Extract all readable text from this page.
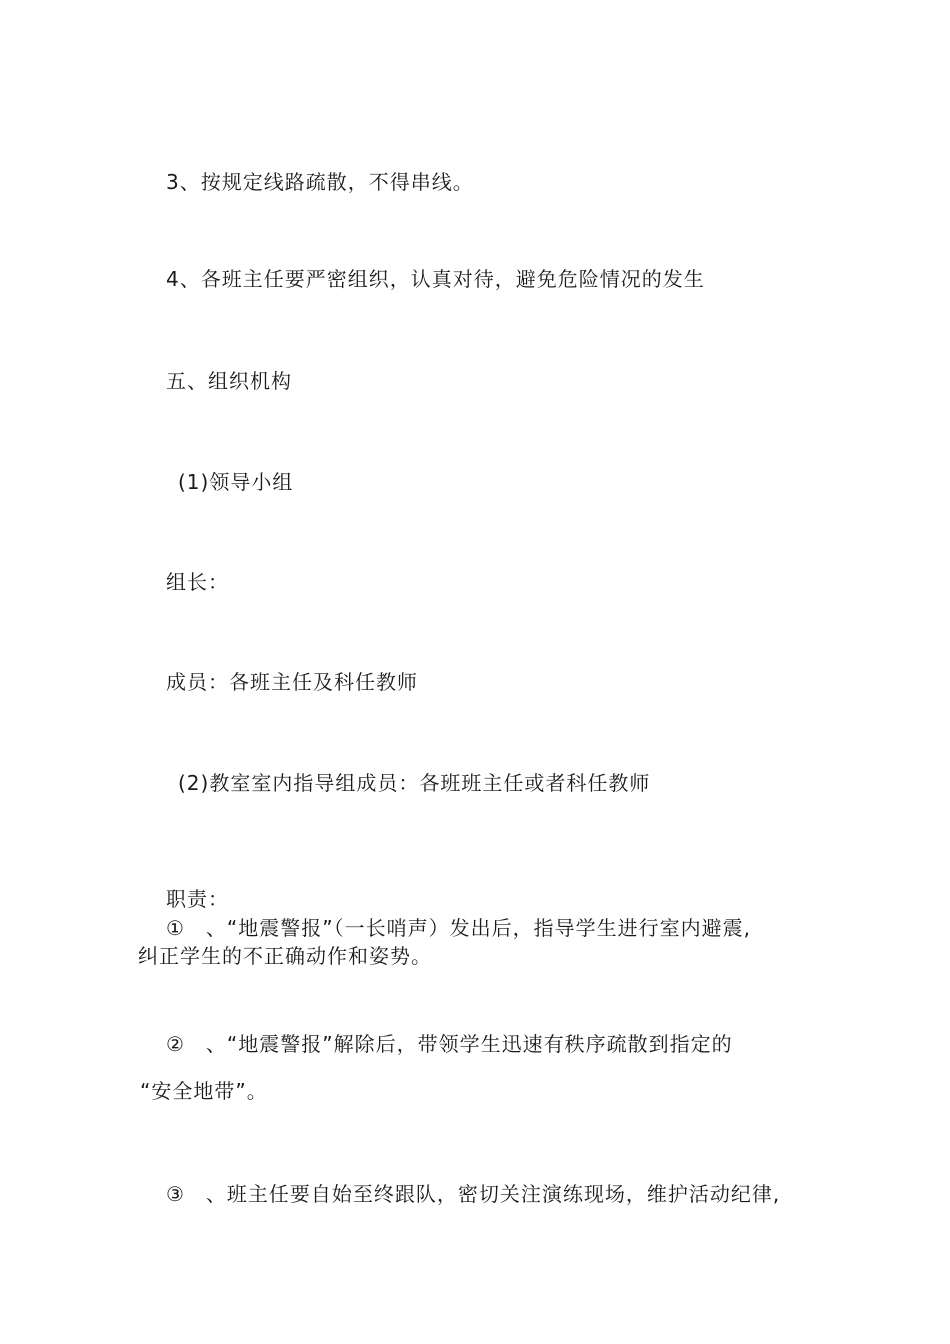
3、按规定线路疏散，不得串线。
4、各班主任要严密组织，认真对待，避免危险情况的发生
五、组织机构
(1)领导小组
组长：
成员：各班主任及科任教师
(2)教室室内指导组成员：各班班主任或者科任教师
职责：
①　、“地震警报”（一长哨声）发出后，指导学生进行室内避震,
纠正学生的不正确动作和姿势。
②　、“地震警报”解除后，带领学生迅速有秩序疏散到指定的
“安全地带”。
③　、班主任要自始至终跟队，密切关注演练现场，维护活动纪律,
